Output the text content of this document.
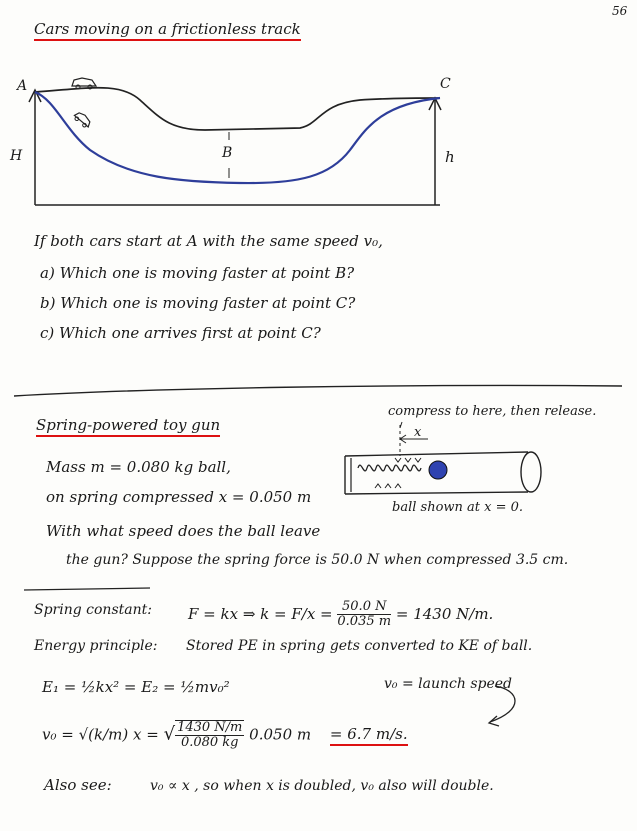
56
Cars moving on a frictionless track
A	C
B
H	h
If both cars start at A with the same speed v₀,
a) Which one is moving faster at point B?
b) Which one is moving faster at point C?
c) Which one arrives first at point C?
Spring-powered toy gun
compress to here, then release.
x
ball shown at x = 0.
Mass m = 0.080 kg ball,
on spring compressed x = 0.050 m
With what speed does the ball leave
the gun? Suppose the spring force is 50.0 N when compressed 3.5 cm.
Spring constant: F = kx ⇒ $k = F/x = \frac{50.0 N}{0.035 m} = 1430$ N/m.
Energy principle: Stored PE in spring gets converted to KE of ball.
E₁ = ½kx² = E₂ = ½mv₀²	v₀ = launch speed
v₀ = √(k/m) x = √ $\frac{1430 N/m}{0.080 kg} 0.050$ m = 6.7 m/s.
Also see:	v₀ ∝ x , so when x is doubled, v₀ also will double.
